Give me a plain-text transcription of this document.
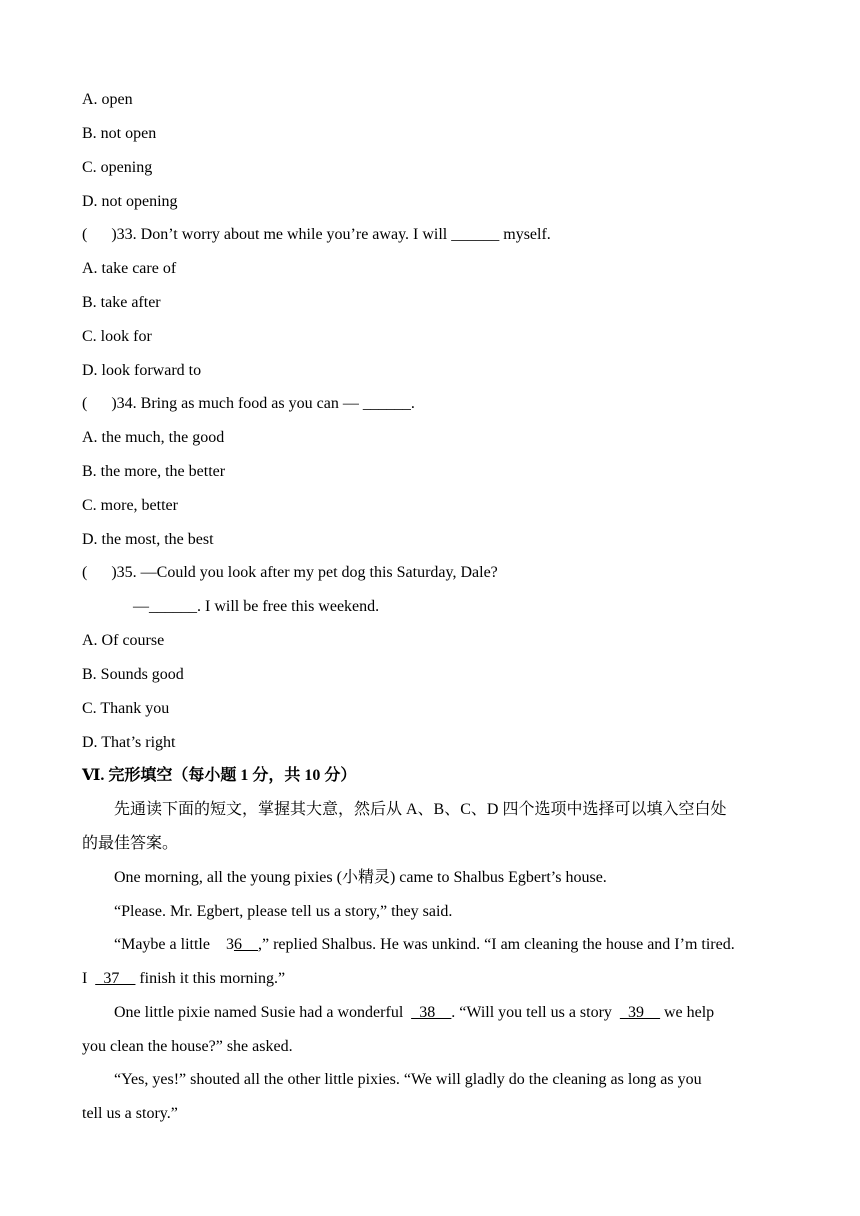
A. open
B. not open
C. opening
D. not opening
( )33. Don’t worry about me while you’re away. I will ______ myself.
A. take care of
B. take after
C. look for
D. look forward to
( )34. Bring as much food as you can — ______.
A. the much, the good
B. the more, the better
C. more, better
D. the most, the best
( )35. —Could you look after my pet dog this Saturday, Dale?
—______. I will be free this weekend.
A. Of course
B. Sounds good
C. Thank you
D. That’s right
Ⅵ. 完形填空（每小题 1 分，共 10 分）
先通读下面的短文，掌握其大意，然后从 A、B、C、D 四个选项中选择可以填入空白处
的最佳答案。
One morning, all the young pixies (小精灵) came to Shalbus Egbert’s house.
“Please. Mr. Egbert, please tell us a story,” they said.
“Maybe a little    36__,” replied Shalbus. He was unkind. “I am cleaning the house and I’m tired.
I  _37__ finish it this morning.”
One little pixie named Susie had a wonderful  _38__. “Will you tell us a story  _39__ we help
you clean the house?” she asked.
“Yes, yes!” shouted all the other little pixies. “We will gladly do the cleaning as long as you
tell us a story.”
